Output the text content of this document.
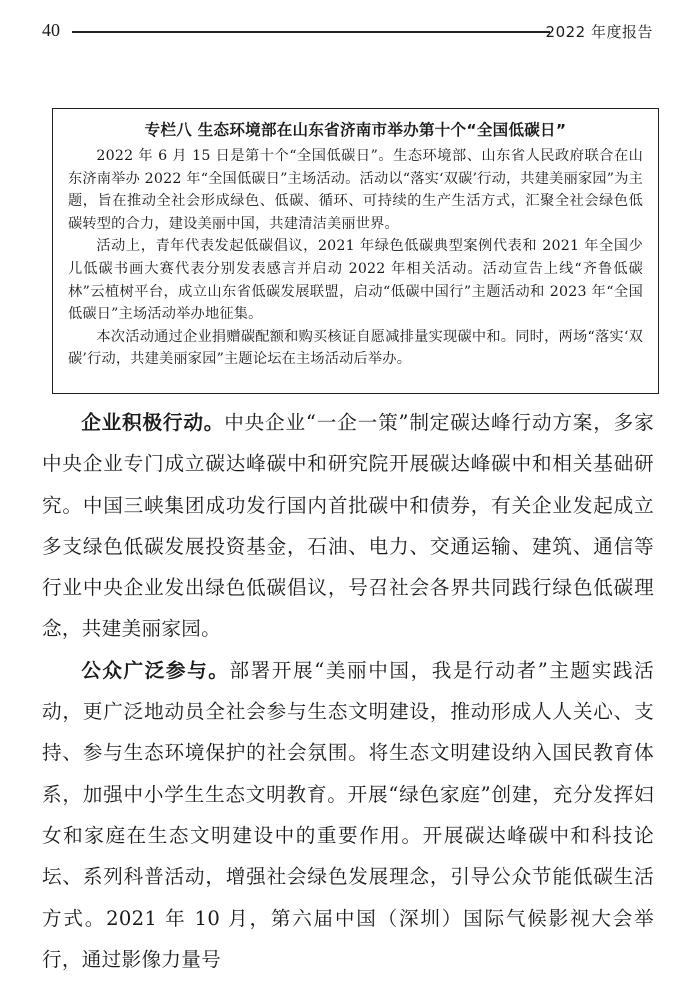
40	2022 年度报告

专栏八 生态环境部在山东省济南市举办第十个“全国低碳日”

2022 年 6 月 15 日是第十个“全国低碳日”。生态环境部、山东省人民政府联合在山东济南举办 2022 年“全国低碳日”主场活动。活动以“落实‘双碳’行动，共建美丽家园”为主题，旨在推动全社会形成绿色、低碳、循环、可持续的生产生活方式，汇聚全社会绿色低碳转型的合力，建设美丽中国，共建清洁美丽世界。

活动上，青年代表发起低碳倡议，2021 年绿色低碳典型案例代表和 2021 年全国少儿低碳书画大赛代表分别发表感言并启动 2022 年相关活动。活动宣告上线“齐鲁低碳林”云植树平台，成立山东省低碳发展联盟，启动“低碳中国行”主题活动和 2023 年“全国低碳日”主场活动举办地征集。

本次活动通过企业捐赠碳配额和购买核证自愿减排量实现碳中和。同时，两场“落实‘双碳’行动，共建美丽家园”主题论坛在主场活动后举办。

企业积极行动。中央企业“一企一策”制定碳达峰行动方案，多家中央企业专门成立碳达峰碳中和研究院开展碳达峰碳中和相关基础研究。中国三峡集团成功发行国内首批碳中和债券，有关企业发起成立多支绿色低碳发展投资基金，石油、电力、交通运输、建筑、通信等行业中央企业发出绿色低碳倡议，号召社会各界共同践行绿色低碳理念，共建美丽家园。

公众广泛参与。部署开展“美丽中国，我是行动者”主题实践活动，更广泛地动员全社会参与生态文明建设，推动形成人人关心、支持、参与生态环境保护的社会氛围。将生态文明建设纳入国民教育体系，加强中小学生生态文明教育。开展“绿色家庭”创建，充分发挥妇女和家庭在生态文明建设中的重要作用。开展碳达峰碳中和科技论坛、系列科普活动，增强社会绿色发展理念，引导公众节能低碳生活方式。2021 年 10 月，第六届中国（深圳）国际气候影视大会举行，通过影像力量号
